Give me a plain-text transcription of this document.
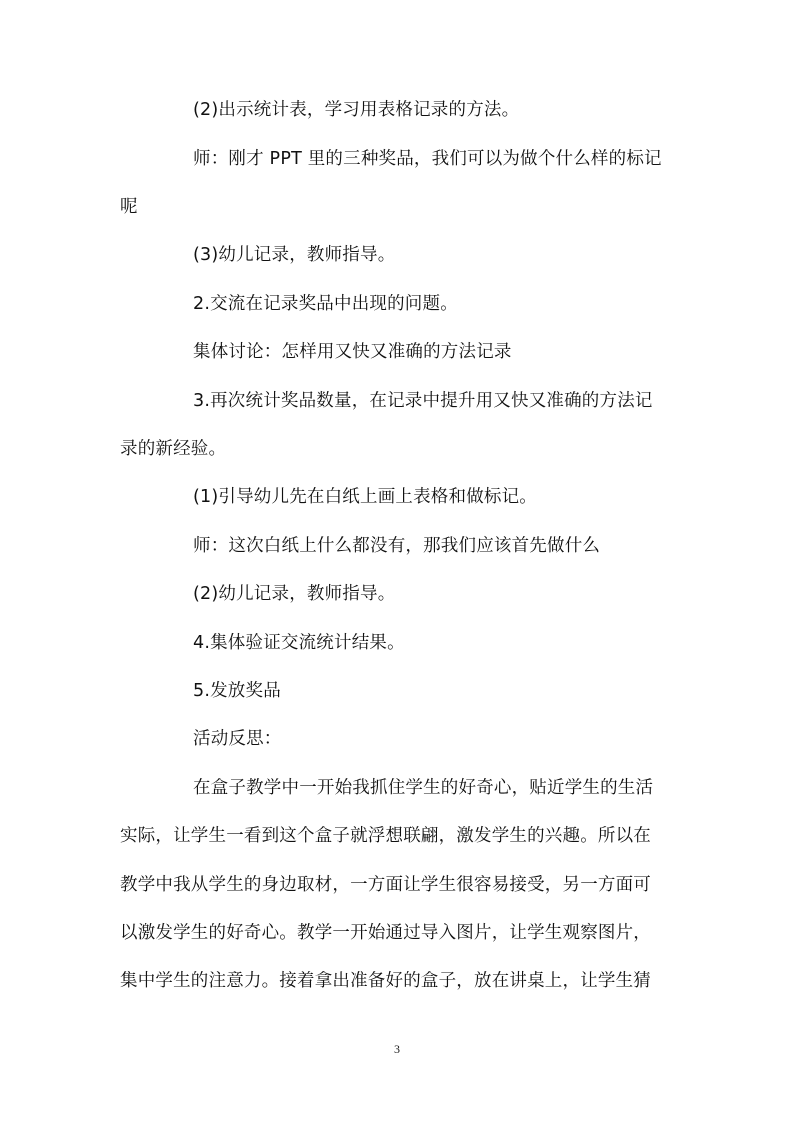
(2)出示统计表，学习用表格记录的方法。
师：刚才 PPT 里的三种奖品，我们可以为做个什么样的标记
呢
(3)幼儿记录，教师指导。
2.交流在记录奖品中出现的问题。
集体讨论：怎样用又快又准确的方法记录
3.再次统计奖品数量，在记录中提升用又快又准确的方法记
录的新经验。
(1)引导幼儿先在白纸上画上表格和做标记。
师：这次白纸上什么都没有，那我们应该首先做什么
(2)幼儿记录，教师指导。
4.集体验证交流统计结果。
5.发放奖品
活动反思：
在盒子教学中一开始我抓住学生的好奇心，贴近学生的生活
实际，让学生一看到这个盒子就浮想联翩，激发学生的兴趣。所以在
教学中我从学生的身边取材，一方面让学生很容易接受，另一方面可
以激发学生的好奇心。教学一开始通过导入图片，让学生观察图片，
集中学生的注意力。接着拿出准备好的盒子，放在讲桌上，让学生猜
3
